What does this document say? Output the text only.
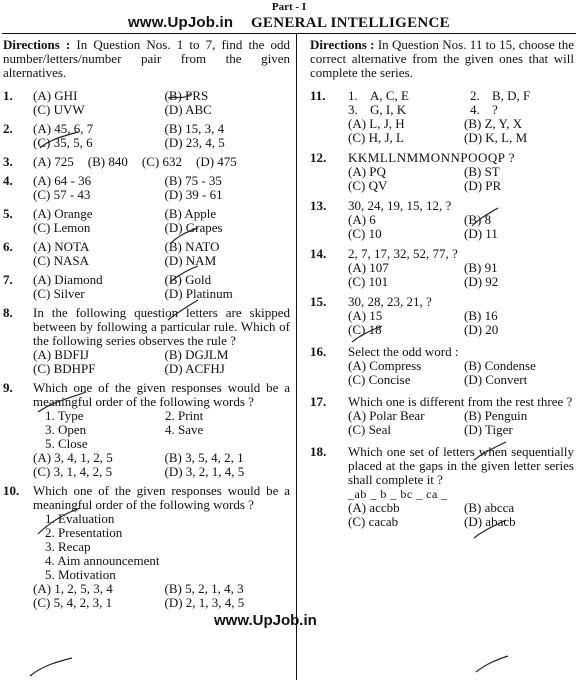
Part - I
www.UpJob.in GENERAL INTELLIGENCE
Directions : In Question Nos. 1 to 7, find the odd number/letters/number pair from the given alternatives.
1. (A) GHI	(B) PRS
(C) UVW	(D) ABC
2. (A) 45, 6, 7	(B) 15, 3, 4
(C) 35, 5, 6	(D) 23, 4, 5
3. (A) 725 (B) 840 (C) 632 (D) 475
4. (A) 64 - 36	(B) 75 - 35
(C) 57 - 43	(D) 39 - 61
5. (A) Orange	(B) Apple
(C) Lemon	(D) Grapes
6. (A) NOTA	(B) NATO
(C) NASA	(D) NAM
7. (A) Diamond	(B) Gold
(C) Silver	(D) Platinum
8. In the following question letters are skipped between by following a particular rule. Which of the following series observes the rule ?
(A) BDFIJ	(B) DGJLM
(C) BDHPF	(D) ACFHJ
9. Which one of the given responses would be a meaningful order of the following words ?
1. Type	2. Print
3. Open	4. Save
5. Close
(A) 3, 4, 1, 2, 5	(B) 3, 5, 4, 2, 1
(C) 3, 1, 4, 2, 5	(D) 3, 2, 1, 4, 5
10. Which one of the given responses would be a meaningful order of the following words ?
1. Evaluation
2. Presentation
3. Recap
4. Aim announcement
5. Motivation
(A) 1, 2, 5, 3, 4	(B) 5, 2, 1, 4, 3
(C) 5, 4, 2, 3, 1	(D) 2, 1, 3, 4, 5
Directions : In Question Nos. 11 to 15, choose the correct alternative from the given ones that will complete the series.
11. 1. A, C, E	2. B, D, F
3. G, I, K	4. ?
(A) L, J, H	(B) Z, Y, X
(C) H, J, L	(D) K, L, M
12. KKMLLNMMONNPOOQP ?
(A) PQ	(B) ST
(C) QV	(D) PR
13. 30, 24, 19, 15, 12, ?
(A) 6	(B) 8
(C) 10	(D) 11
14. 2, 7, 17, 32, 52, 77, ?
(A) 107	(B) 91
(C) 101	(D) 92
15. 30, 28, 23, 21, ?
(A) 15	(B) 16
(C) 18	(D) 20
16. Select the odd word :
(A) Compress	(B) Condense
(C) Concise	(D) Convert
17. Which one is different from the rest three ?
(A) Polar Bear	(B) Penguin
(C) Seal	(D) Tiger
18. Which one set of letters when sequentially placed at the gaps in the given letter series shall complete it ?
_ab _ b _ bc _ ca _
(A) accbb	(B) abcca
(C) cacab	(D) abacb
www.UpJob.in
